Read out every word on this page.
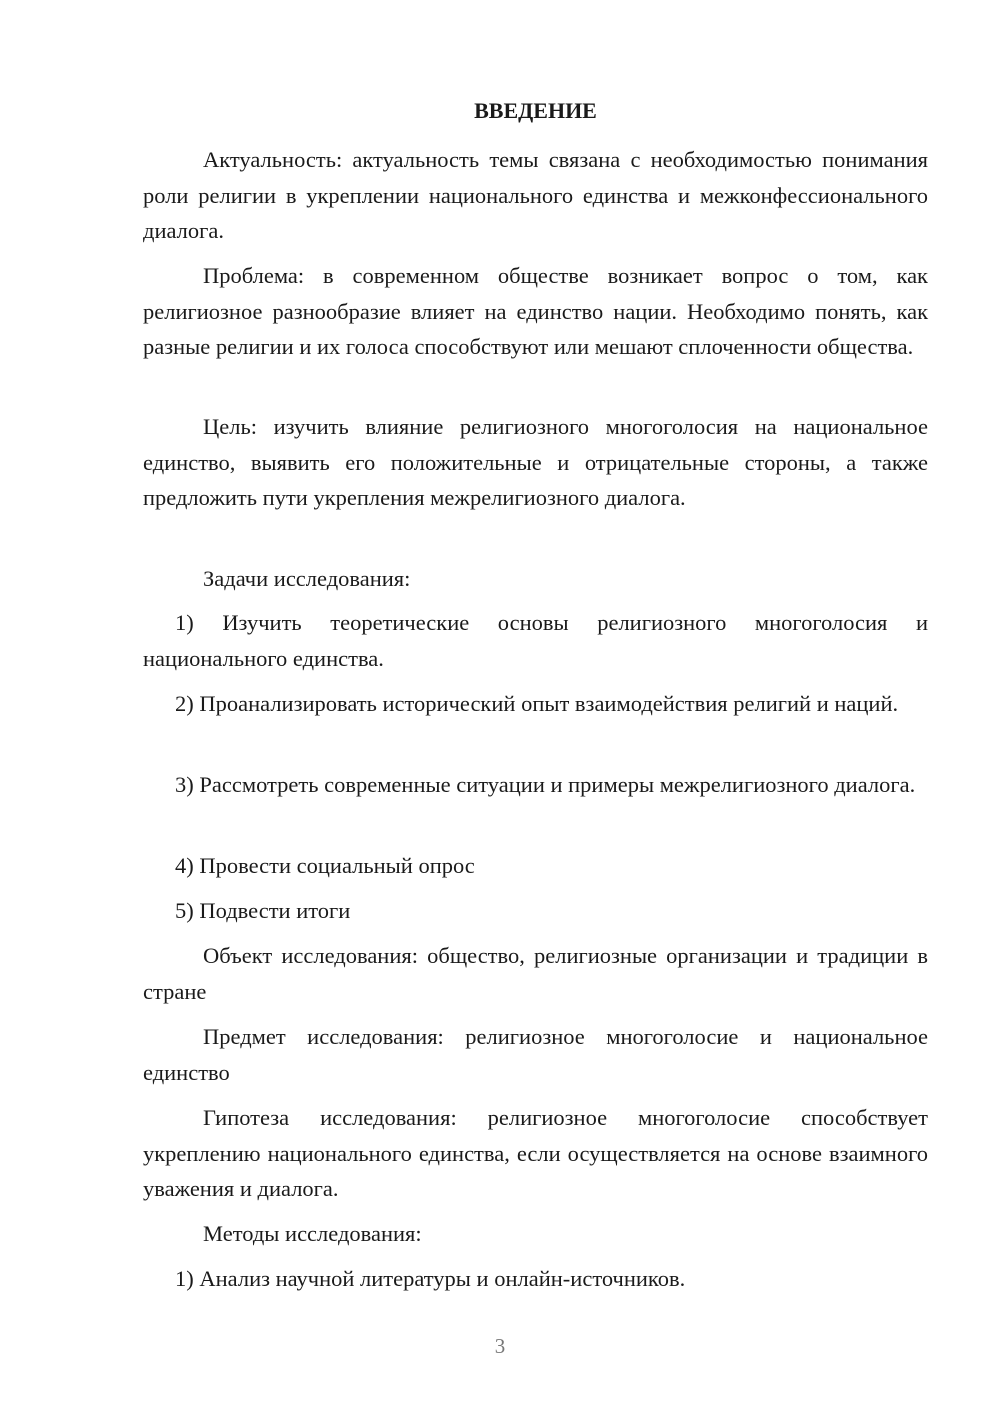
ВВЕДЕНИЕ
Актуальность: актуальность темы связана с необходимостью понимания роли религии в укреплении национального единства и межконфессионального диалога.
Проблема: в современном обществе возникает вопрос о том, как религиозное разнообразие влияет на единство нации. Необходимо понять, как разные религии и их голоса способствуют или мешают сплоченности общества.
Цель: изучить влияние религиозного многоголосия на национальное единство, выявить его положительные и отрицательные стороны, а также предложить пути укрепления межрелигиозного диалога.
Задачи исследования:
1) Изучить теоретические основы религиозного многоголосия и национального единства.
2) Проанализировать исторический опыт взаимодействия религий и наций.
3) Рассмотреть современные ситуации и примеры межрелигиозного диалога.
4) Провести социальный опрос
5) Подвести итоги
Объект исследования: общество, религиозные организации и традиции в стране
Предмет исследования: религиозное многоголосие и национальное единство
Гипотеза исследования: религиозное многоголосие способствует укреплению национального единства, если осуществляется на основе взаимного уважения и диалога.
Методы исследования:
1) Анализ научной литературы и онлайн-источников.
3
